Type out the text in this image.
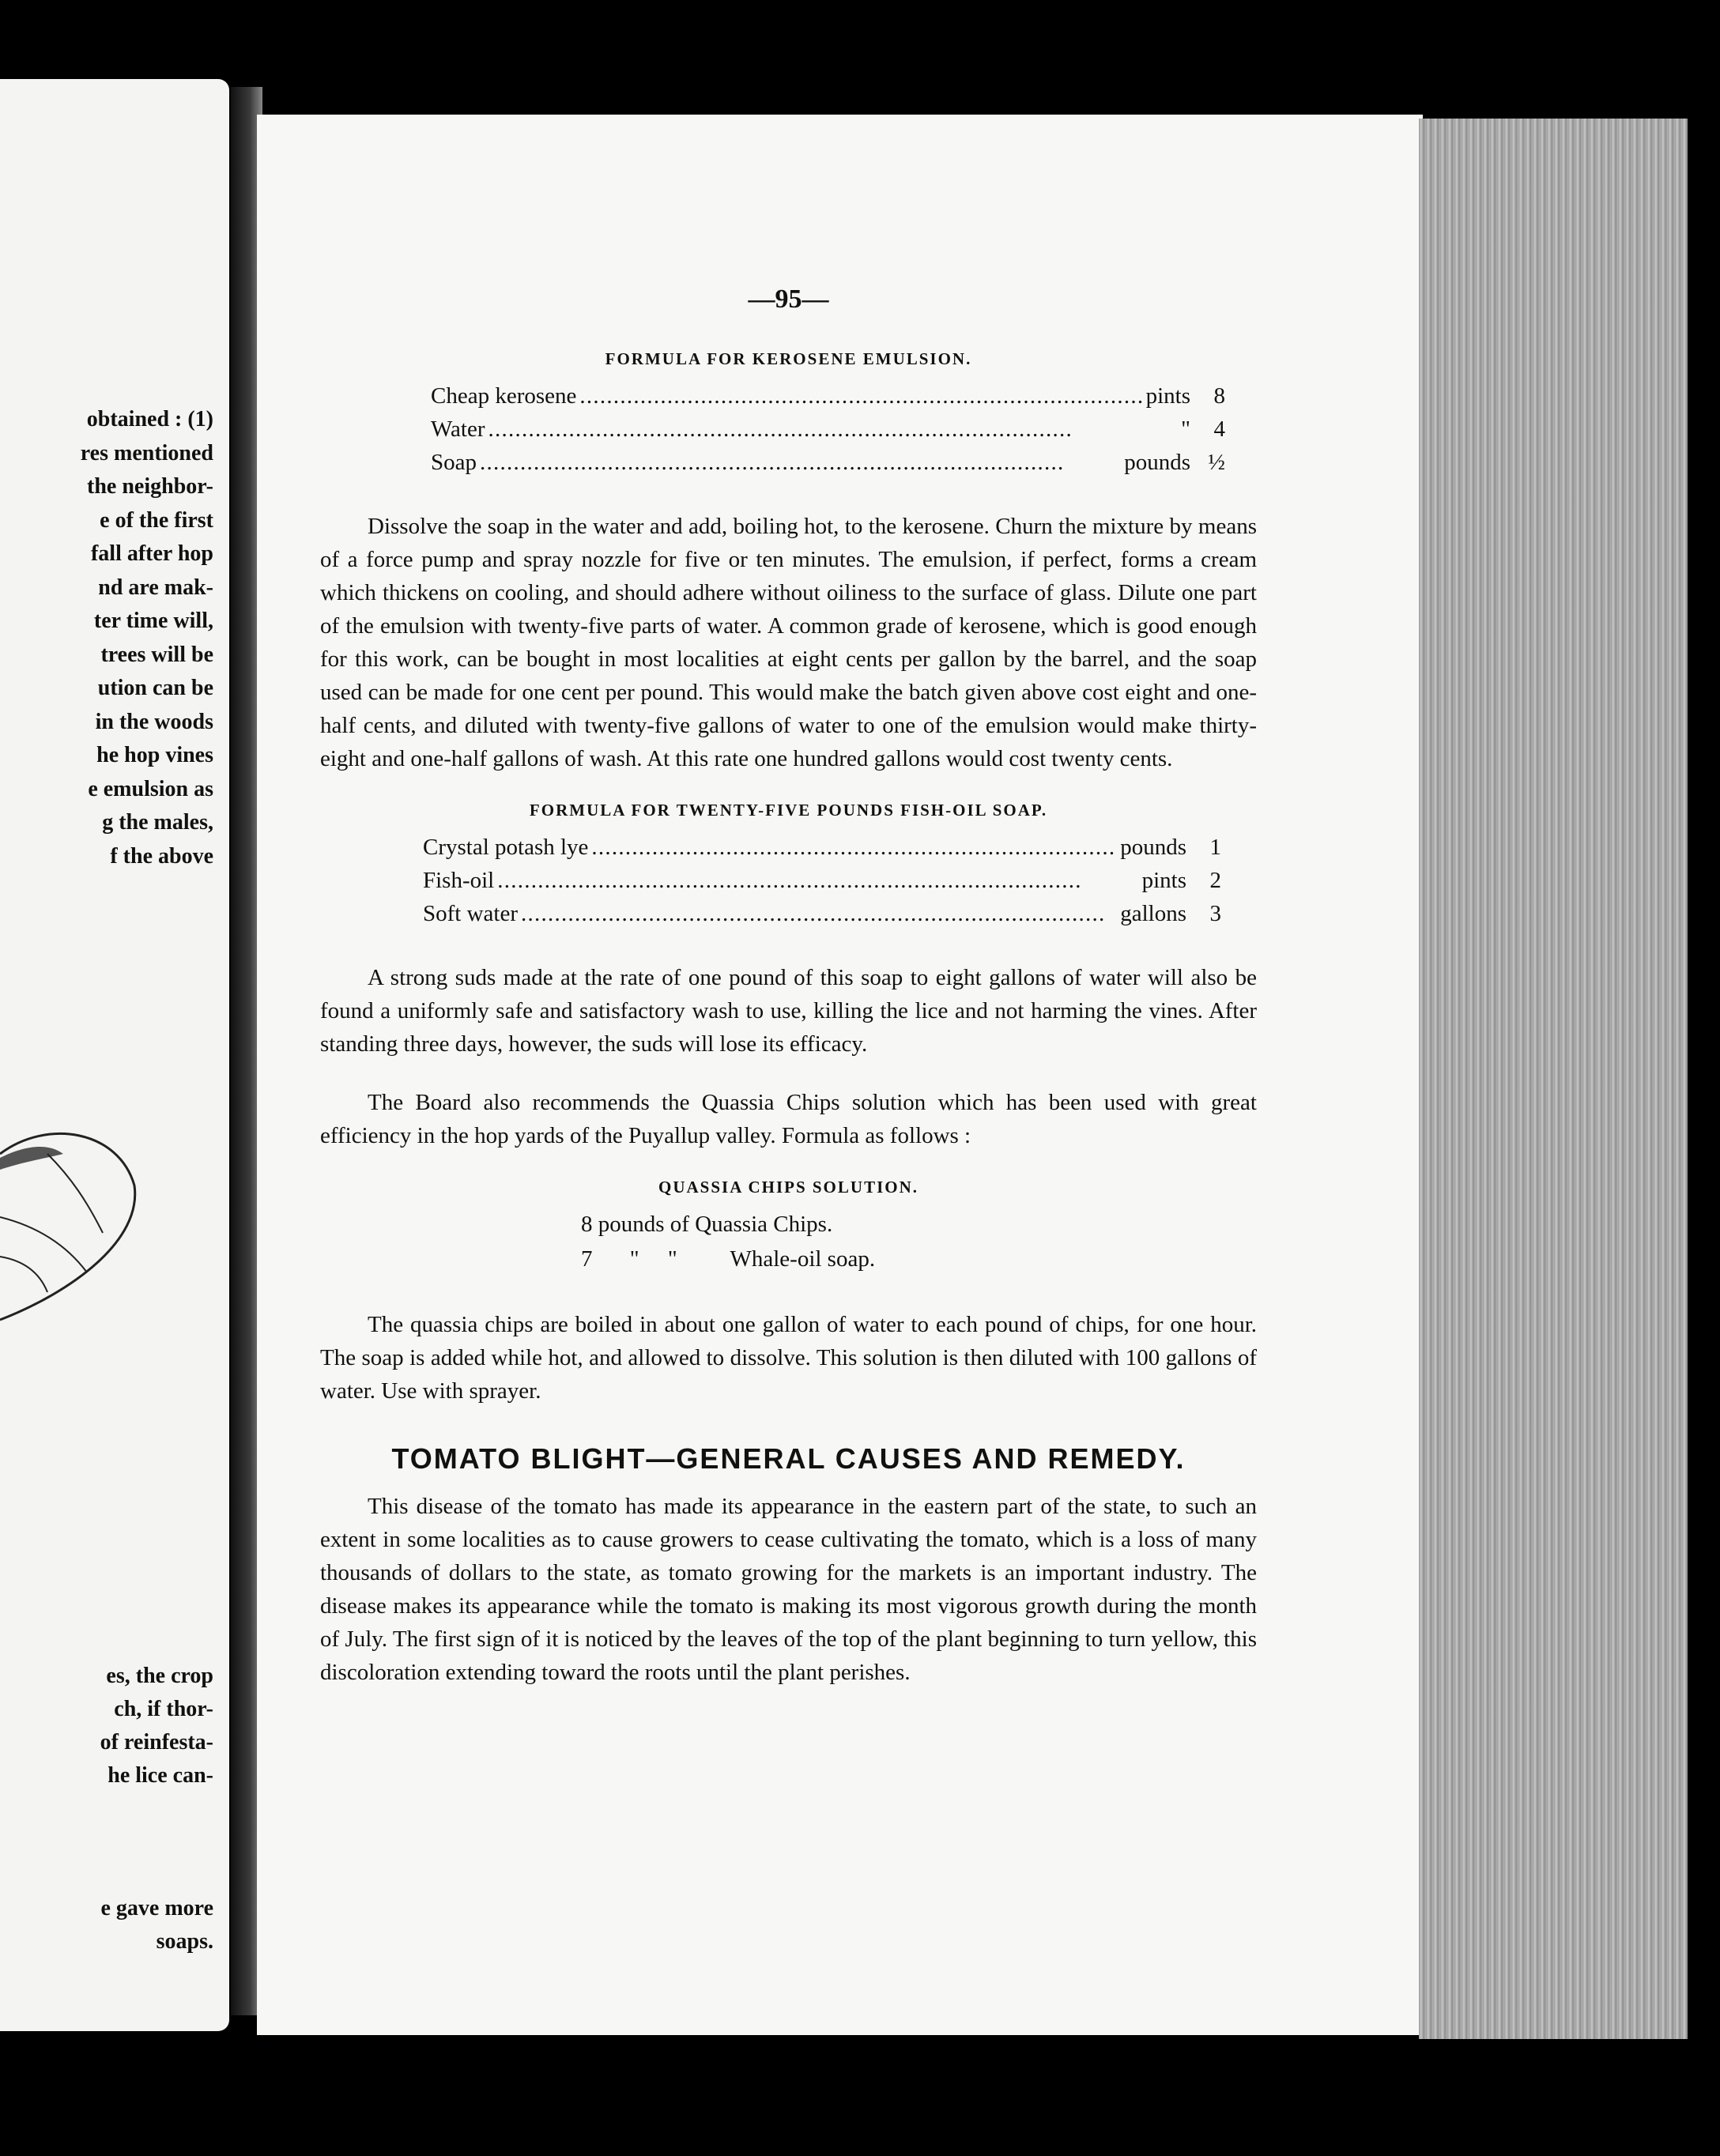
obtained : (1)
res mentioned
the neighbor-
e of the first
fall after hop
nd are mak-
ter time will,
trees will be
ution can be
in the woods
he hop vines
e emulsion as
g the males,
f the above
es, the crop
ch, if thor-
of reinfesta-
he lice can-

e gave more
soaps.
—95—
FORMULA FOR KEROSENE EMULSION.
Cheap kerosene . . .	pints	8
Water . . .	"	4
Soap . . .	pounds ½

Dissolve the soap in the water and add, boiling hot, to the kerosene. Churn the mixture by means of a force pump and spray nozzle for five or ten minutes. The emulsion, if perfect, forms a cream which thickens on cooling, and should adhere without oiliness to the surface of glass. Dilute one part of the emulsion with twenty-five parts of water. A common grade of kerosene, which is good enough for this work, can be bought in most localities at eight cents per gallon by the barrel, and the soap used can be made for one cent per pound. This would make the batch given above cost eight and one-half cents, and diluted with twenty-five gallons of water to one of the emulsion would make thirty-eight and one-half gallons of wash. At this rate one hundred gallons would cost twenty cents.

FORMULA FOR TWENTY-FIVE POUNDS FISH-OIL SOAP.
Crystal potash lye . . .	pounds	1
Fish-oil . . .	pints	2
Soft water . . .	gallons	3

A strong suds made at the rate of one pound of this soap to eight gallons of water will also be found a uniformly safe and satisfactory wash to use, killing the lice and not harming the vines. After standing three days, however, the suds will lose its efficacy.

The Board also recommends the Quassia Chips solution which has been used with great efficiency in the hop yards of the Puyallup valley. Formula as follows :

QUASSIA CHIPS SOLUTION.
8 pounds of Quassia Chips.
7 "     " Whale-oil soap.

The quassia chips are boiled in about one gallon of water to each pound of chips, for one hour. The soap is added while hot, and allowed to dissolve. This solution is then diluted with 100 gallons of water. Use with sprayer.

TOMATO BLIGHT—GENERAL CAUSES AND REMEDY.

This disease of the tomato has made its appearance in the eastern part of the state, to such an extent in some localities as to cause growers to cease cultivating the tomato, which is a loss of many thousands of dollars to the state, as tomato growing for the markets is an important industry. The disease makes its appearance while the tomato is making its most vigorous growth during the month of July. The first sign of it is noticed by the leaves of the top of the plant beginning to turn yellow, this discoloration extending toward the roots until the plant perishes.
